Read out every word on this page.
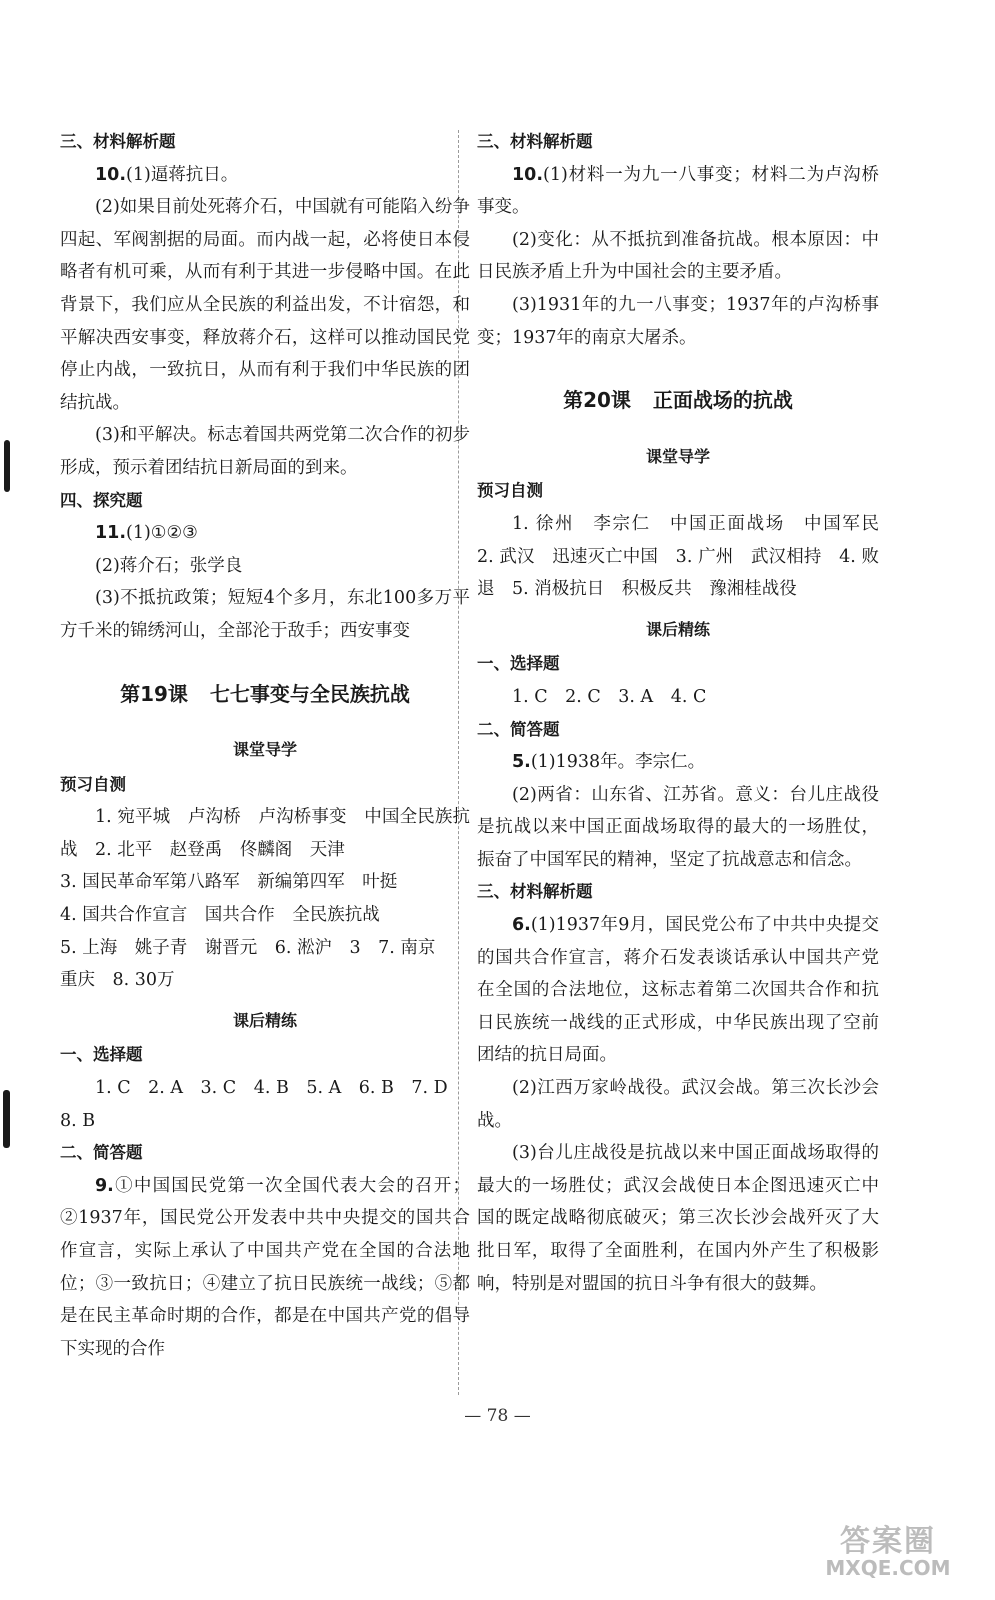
三、材料解析题

10.(1)逼蒋抗日。

(2)如果目前处死蒋介石，中国就有可能陷入纷争四起、军阀割据的局面。而内战一起，必将使日本侵略者有机可乘，从而有利于其进一步侵略中国。在此背景下，我们应从全民族的利益出发，不计宿怨，和平解决西安事变，释放蒋介石，这样可以推动国民党停止内战，一致抗日，从而有利于我们中华民族的团结抗战。

(3)和平解决。标志着国共两党第二次合作的初步形成，预示着团结抗日新局面的到来。

四、探究题

11.(1)①②③

(2)蒋介石；张学良

(3)不抵抗政策；短短4个多月，东北100多万平方千米的锦绣河山，全部沦于敌手；西安事变

第19课 七七事变与全民族抗战
课堂导学
预习自测

1. 宛平城　卢沟桥　卢沟桥事变　中国全民族抗战　2. 北平　赵登禹　佟麟阁　天津

3. 国民革命军第八路军　新编第四军　叶挺

4. 国共合作宣言　国共合作　全民族抗战

5. 上海　姚子青　谢晋元　6. 淞沪　3　7. 南京　重庆　8. 30万

课后精练
一、选择题

1. C　2. A　3. C　4. B　5. A　6. B　7. D

8. B

二、简答题

9.①中国国民党第一次全国代表大会的召开；②1937年，国民党公开发表中共中央提交的国共合作宣言，实际上承认了中国共产党在全国的合法地位；③一致抗日；④建立了抗日民族统一战线；⑤都是在民主革命时期的合作，都是在中国共产党的倡导下实现的合作

三、材料解析题

10.(1)材料一为九一八事变；材料二为卢沟桥事变。

(2)变化：从不抵抗到准备抗战。根本原因：中日民族矛盾上升为中国社会的主要矛盾。

(3)1931年的九一八事变；1937年的卢沟桥事变；1937年的南京大屠杀。

第20课 正面战场的抗战
课堂导学
预习自测

1. 徐州　李宗仁　中国正面战场　中国军民　2. 武汉　迅速灭亡中国　3. 广州　武汉相持　4. 败退　5. 消极抗日　积极反共　豫湘桂战役

课后精练
一、选择题

1. C　2. C　3. A　4. C

二、简答题

5.(1)1938年。李宗仁。

(2)两省：山东省、江苏省。意义：台儿庄战役是抗战以来中国正面战场取得的最大的一场胜仗，振奋了中国军民的精神，坚定了抗战意志和信念。

三、材料解析题

6.(1)1937年9月，国民党公布了中共中央提交的国共合作宣言，蒋介石发表谈话承认中国共产党在全国的合法地位，这标志着第二次国共合作和抗日民族统一战线的正式形成，中华民族出现了空前团结的抗日局面。

(2)江西万家岭战役。武汉会战。第三次长沙会战。

(3)台儿庄战役是抗战以来中国正面战场取得的最大的一场胜仗；武汉会战使日本企图迅速灭亡中国的既定战略彻底破灭；第三次长沙会战歼灭了大批日军，取得了全面胜利，在国内外产生了积极影响，特别是对盟国的抗日斗争有很大的鼓舞。

— 78 —
答案圈
MXQE.COM
